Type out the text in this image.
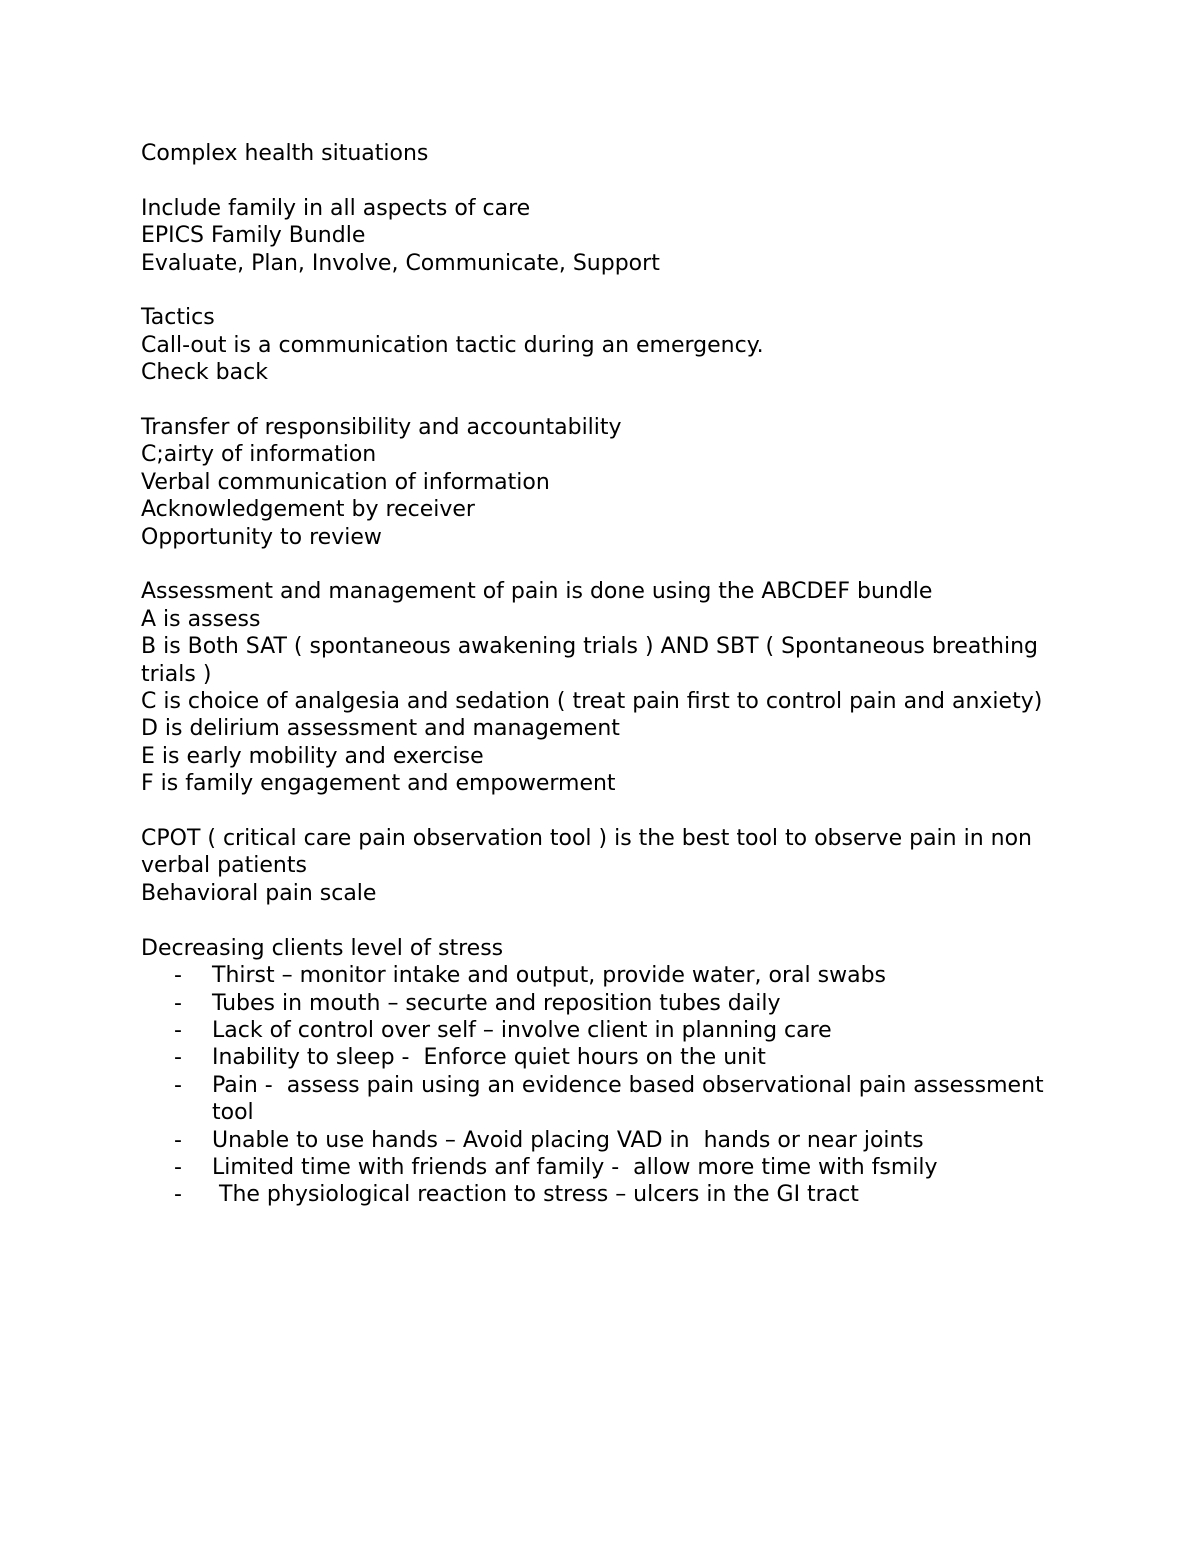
Complex health situations

Include family in all aspects of care

EPICS Family Bundle

Evaluate, Plan, Involve, Communicate, Support

Tactics

Call-out is a communication tactic during an emergency.

Check back

Transfer of responsibility and accountability

C;airty of information

Verbal communication of information

Acknowledgement by receiver

Opportunity to review

Assessment and management of pain is done using the ABCDEF bundle

A is assess

B is Both SAT ( spontaneous awakening trials ) AND SBT ( Spontaneous breathing trials )

C is choice of analgesia and sedation ( treat pain first to control pain and anxiety)

D is delirium assessment and management

E is early mobility and exercise

F is family engagement and empowerment

CPOT ( critical care pain observation tool ) is the best tool to observe pain in non verbal patients

Behavioral pain scale

Decreasing clients level of stress

- Thirst – monitor intake and output, provide water, oral swabs
- Tubes in mouth – securte and reposition tubes daily
- Lack of control over self – involve client in planning care
- Inability to sleep -  Enforce quiet hours on the unit
- Pain -  assess pain using an evidence based observational pain assessment tool
- Unable to use hands – Avoid placing VAD in  hands or near joints
- Limited time with friends anf family -  allow more time with fsmily
- The physiological reaction to stress – ulcers in the GI tract
